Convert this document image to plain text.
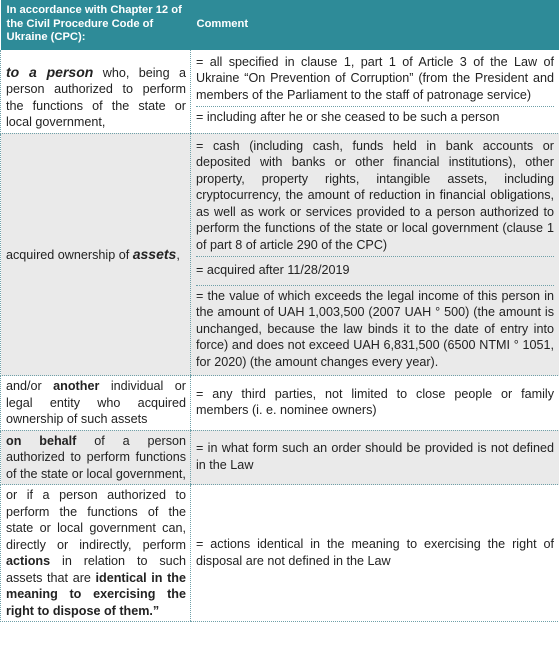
In accordance with Chapter 12 of the Civil Procedure Code of Ukraine (CPC):	Comment
to a person who, being a person authorized to perform the functions of the state or local government,	= all specified in clause 1, part 1 of Article 3 of the Law of Ukraine “On Prevention of Corruption” (from the President and members of the Parliament to the staff of patronage service)
= including after he or she ceased to be such a person

acquired ownership of assets,	= cash (including cash, funds held in bank accounts or deposited with banks or other financial institutions), other property, property rights, intangible assets, including cryptocurrency, the amount of reduction in financial obligations, as well as work or services provided to a person authorized to perform the functions of the state or local government (clause 1 of part 8 of article 290 of the CPC)
= acquired after 11/28/2019
= the value of which exceeds the legal income of this person in the amount of UAH 1,003,500 (2007 UAH ° 500) (the amount is unchanged, because the law binds it to the date of entry into force) and does not exceed UAH 6,831,500 (6500 NTMI ° 1051, for 2020) (the amount changes every year).

and/or another individual or legal entity who acquired ownership of such assets	= any third parties, not limited to close people or family members (i. e. nominee owners)

on behalf of a person authorized to perform functions of the state or local government,	= in what form such an order should be provided is not defined in the Law

or if a person authorized to perform the functions of the state or local government can, directly or indirectly, perform actions in relation to such assets that are identical in the meaning to exercising the right to dispose of them.”	= actions identical in the meaning to exercising the right of disposal are not defined in the Law
